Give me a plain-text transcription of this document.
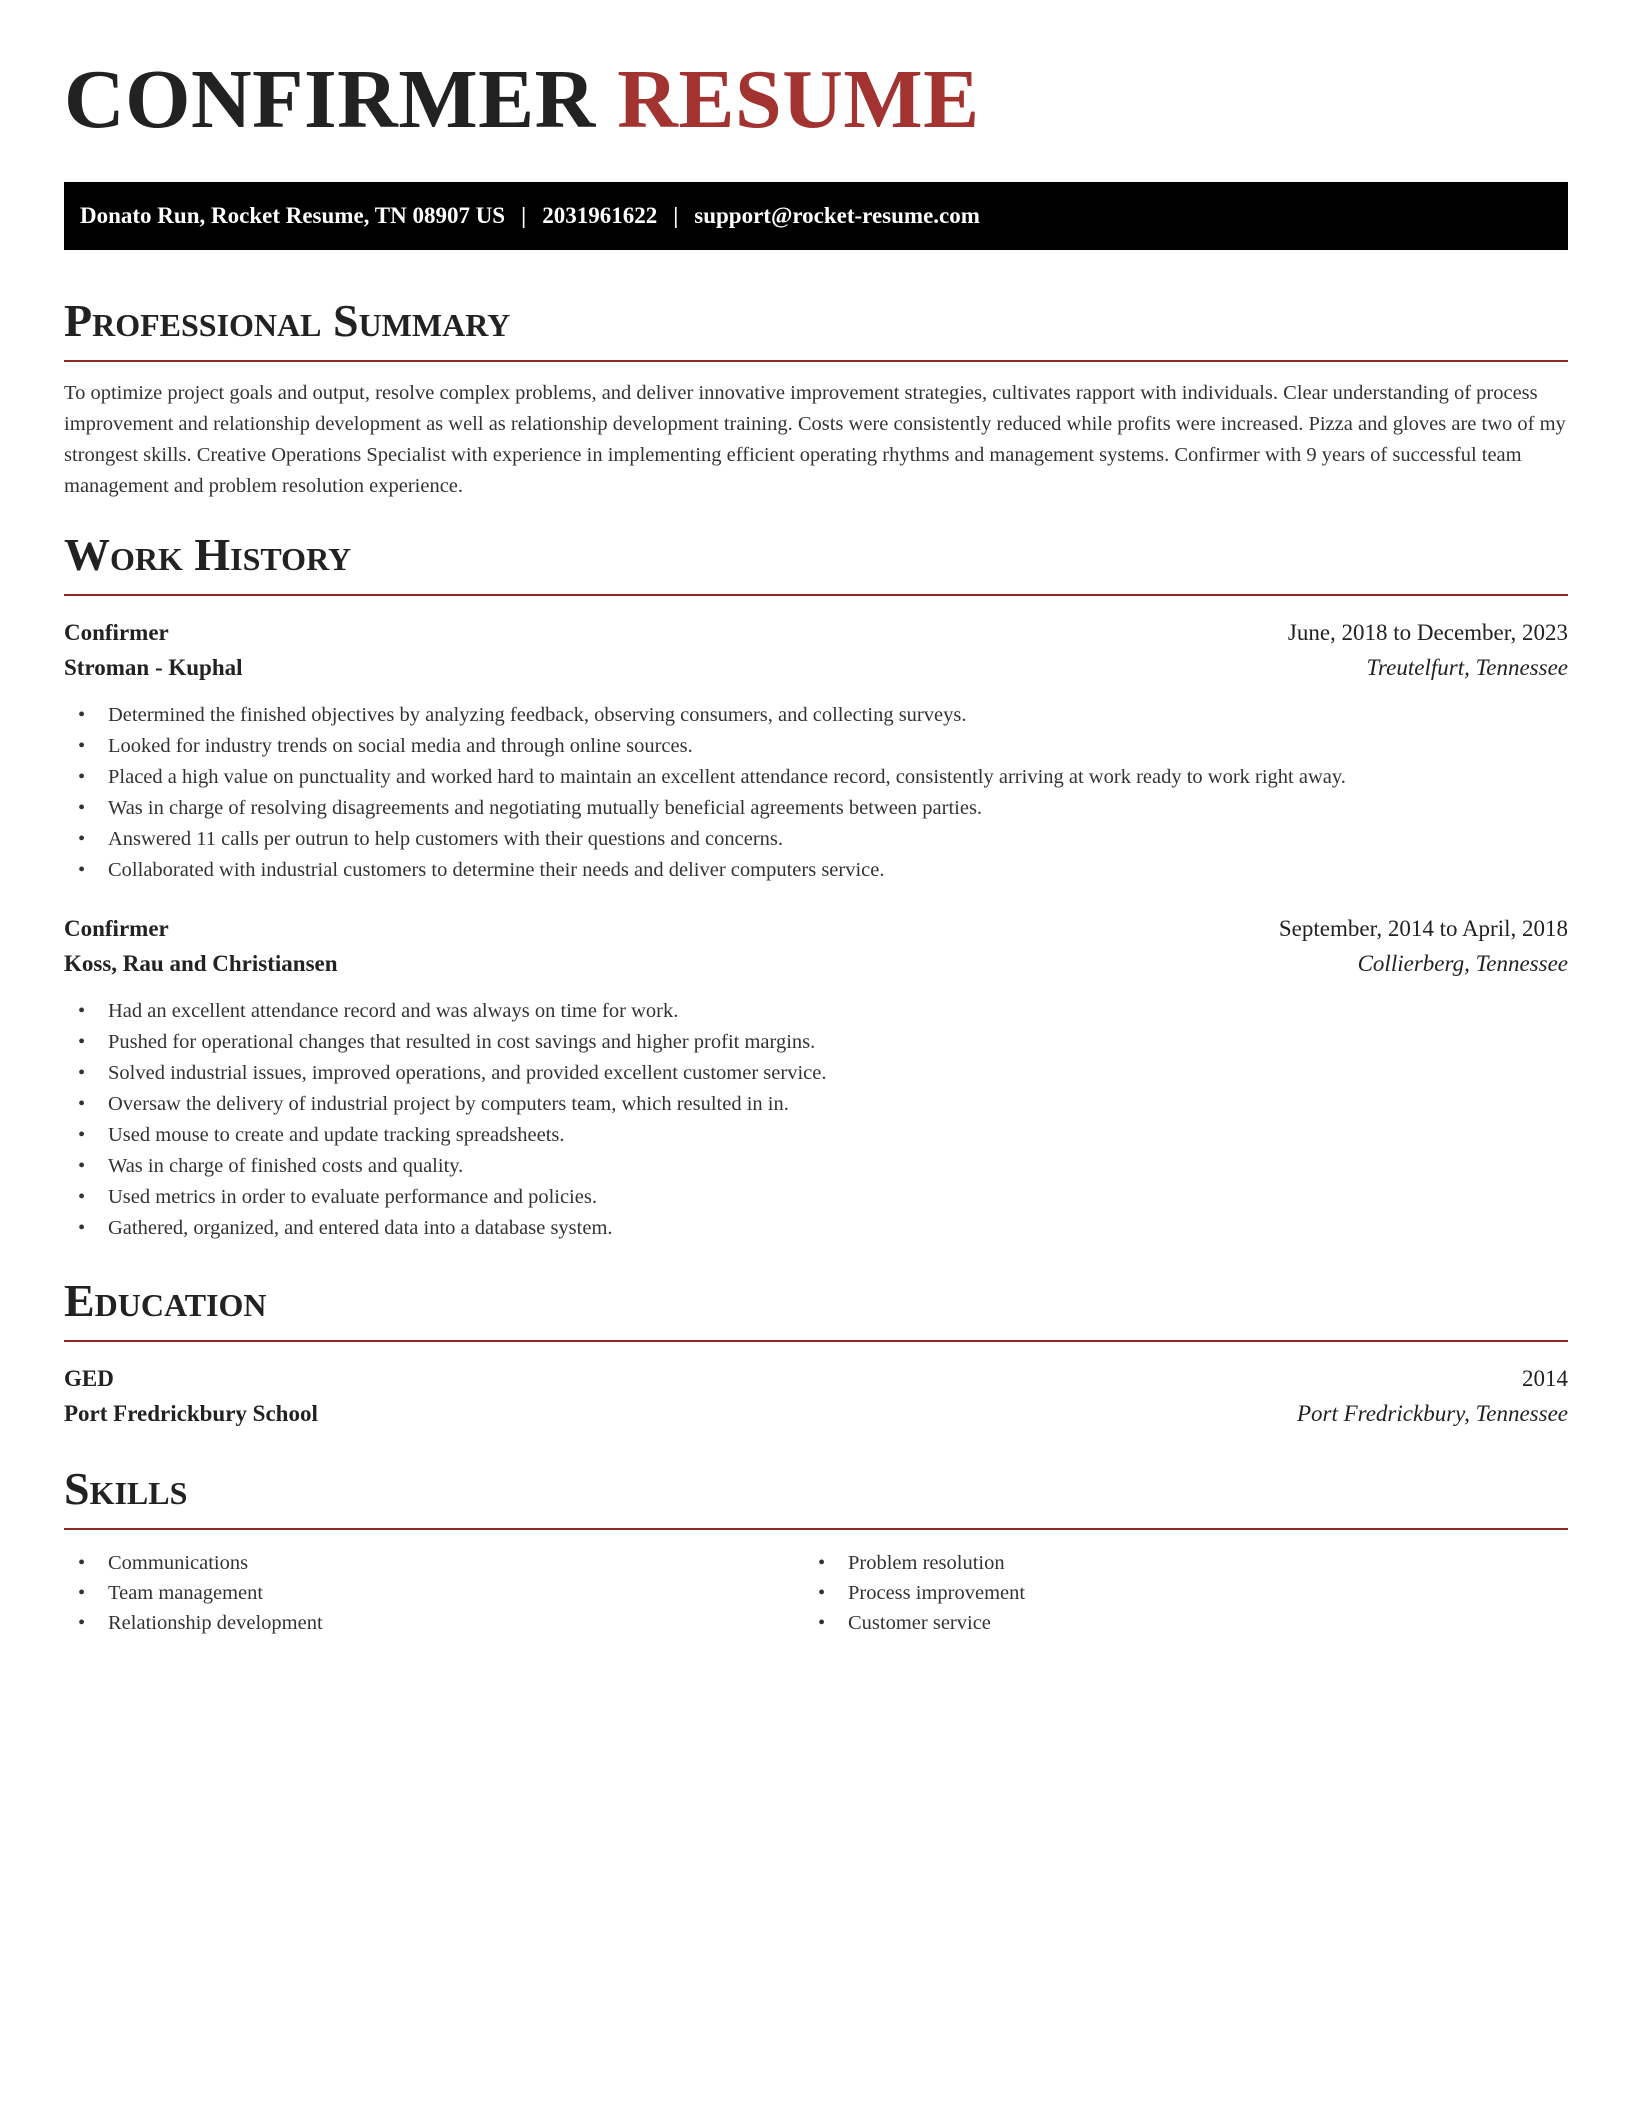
CONFIRMER RESUME
Donato Run, Rocket Resume, TN 08907 US | 2031961622 | support@rocket-resume.com
Professional Summary

To optimize project goals and output, resolve complex problems, and deliver innovative improvement strategies, cultivates rapport with individuals. Clear understanding of process improvement and relationship development as well as relationship development training. Costs were consistently reduced while profits were increased. Pizza and gloves are two of my strongest skills. Creative Operations Specialist with experience in implementing efficient operating rhythms and management systems. Confirmer with 9 years of successful team management and problem resolution experience.

Work History
Confirmer	June, 2018 to December, 2023
Stroman - Kuphal	Treutelfurt, Tennessee
• Determined the finished objectives by analyzing feedback, observing consumers, and collecting surveys.
• Looked for industry trends on social media and through online sources.
• Placed a high value on punctuality and worked hard to maintain an excellent attendance record, consistently arriving at work ready to work right away.
• Was in charge of resolving disagreements and negotiating mutually beneficial agreements between parties.
• Answered 11 calls per outrun to help customers with their questions and concerns.
• Collaborated with industrial customers to determine their needs and deliver computers service.
Confirmer	September, 2014 to April, 2018
Koss, Rau and Christiansen	Collierberg, Tennessee
• Had an excellent attendance record and was always on time for work.
• Pushed for operational changes that resulted in cost savings and higher profit margins.
• Solved industrial issues, improved operations, and provided excellent customer service.
• Oversaw the delivery of industrial project by computers team, which resulted in in.
• Used mouse to create and update tracking spreadsheets.
• Was in charge of finished costs and quality.
• Used metrics in order to evaluate performance and policies.
• Gathered, organized, and entered data into a database system.
Education
GED	2014
Port Fredrickbury School	Port Fredrickbury, Tennessee
Skills
• Communications
• Team management
• Relationship development
• Problem resolution
• Process improvement
• Customer service
